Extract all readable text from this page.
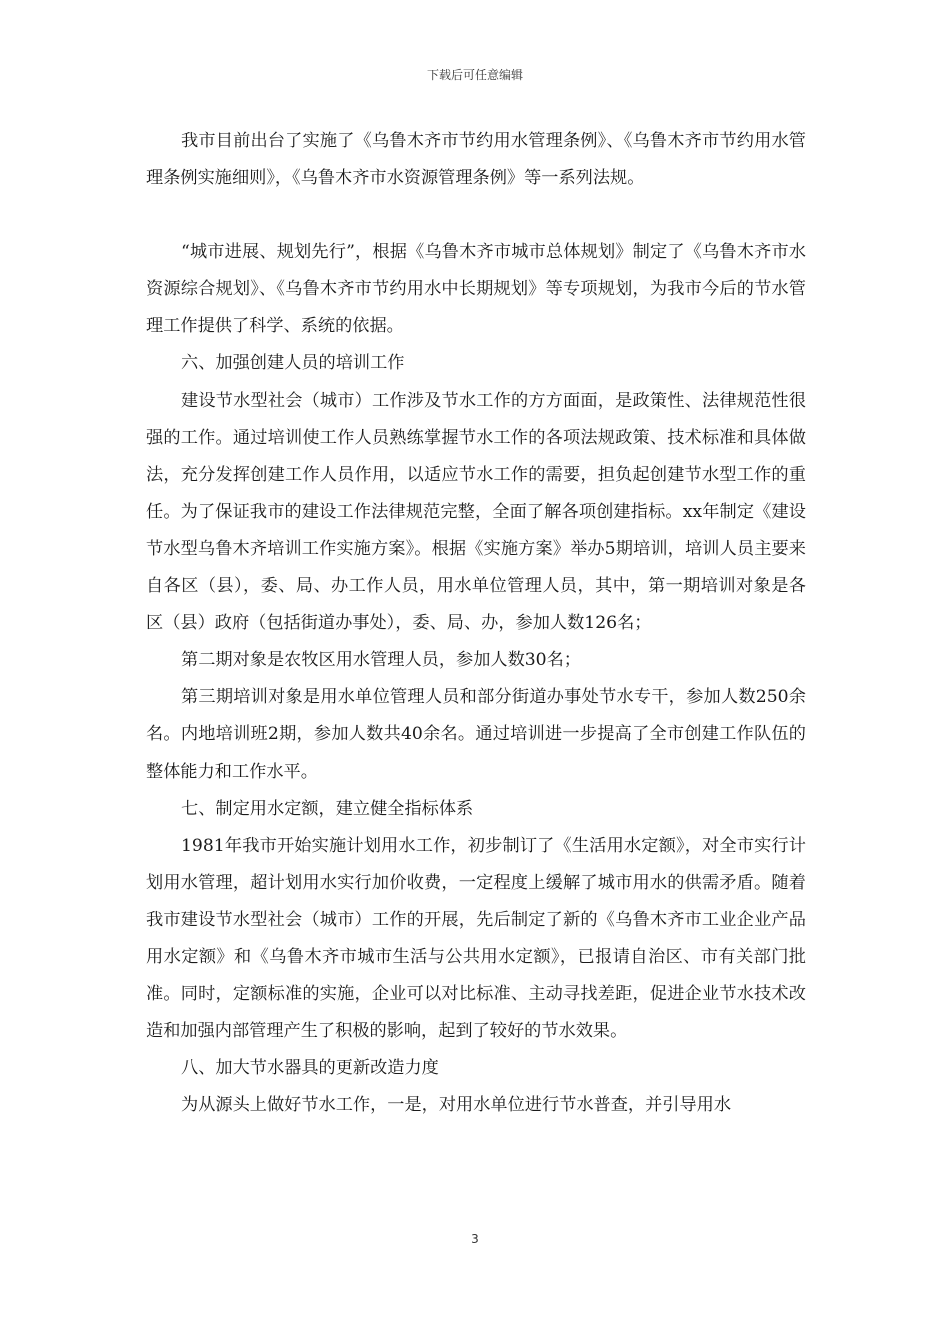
下载后可任意编辑

我市目前出台了实施了《乌鲁木齐市节约用水管理条例》、《乌鲁木齐市节约用水管理条例实施细则》，《乌鲁木齐市水资源管理条例》等一系列法规。

“城市进展、规划先行”，根据《乌鲁木齐市城市总体规划》制定了《乌鲁木齐市水资源综合规划》、《乌鲁木齐市节约用水中长期规划》等专项规划，为我市今后的节水管理工作提供了科学、系统的依据。

六、加强创建人员的培训工作

建设节水型社会（城市）工作涉及节水工作的方方面面，是政策性、法律规范性很强的工作。通过培训使工作人员熟练掌握节水工作的各项法规政策、技术标准和具体做法，充分发挥创建工作人员作用，以适应节水工作的需要，担负起创建节水型工作的重任。为了保证我市的建设工作法律规范完整，全面了解各项创建指标。xx年制定《建设节水型乌鲁木齐培训工作实施方案》。根据《实施方案》举办5期培训，培训人员主要来自各区（县），委、局、办工作人员，用水单位管理人员，其中，第一期培训对象是各区（县）政府（包括街道办事处），委、局、办，参加人数126名；

第二期对象是农牧区用水管理人员，参加人数30名；

第三期培训对象是用水单位管理人员和部分街道办事处节水专干，参加人数250余名。内地培训班2期，参加人数共40余名。通过培训进一步提高了全市创建工作队伍的整体能力和工作水平。

七、制定用水定额，建立健全指标体系

1981年我市开始实施计划用水工作，初步制订了《生活用水定额》，对全市实行计划用水管理，超计划用水实行加价收费，一定程度上缓解了城市用水的供需矛盾。随着我市建设节水型社会（城市）工作的开展，先后制定了新的《乌鲁木齐市工业企业产品用水定额》和《乌鲁木齐市城市生活与公共用水定额》，已报请自治区、市有关部门批准。同时，定额标准的实施，企业可以对比标准、主动寻找差距，促进企业节水技术改造和加强内部管理产生了积极的影响，起到了较好的节水效果。

八、加大节水器具的更新改造力度

为从源头上做好节水工作，一是，对用水单位进行节水普查，并引导用水

3
